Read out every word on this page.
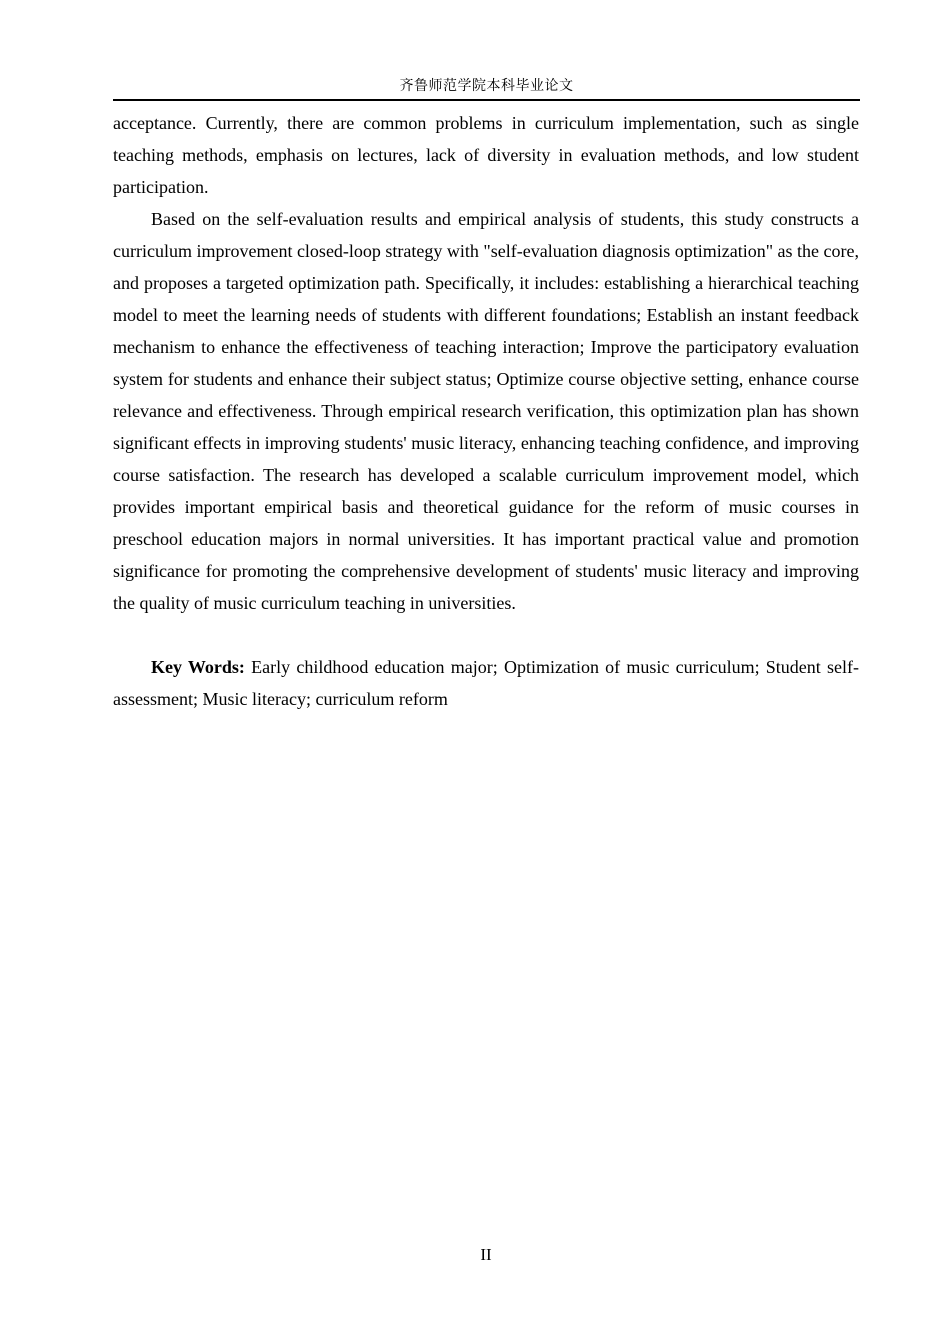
齐鲁师范学院本科毕业论文

acceptance. Currently, there are common problems in curriculum implementation, such as single teaching methods, emphasis on lectures, lack of diversity in evaluation methods, and low student participation.

Based on the self-evaluation results and empirical analysis of students, this study constructs a curriculum improvement closed-loop strategy with "self-evaluation diagnosis optimization" as the core, and proposes a targeted optimization path. Specifically, it includes: establishing a hierarchical teaching model to meet the learning needs of students with different foundations; Establish an instant feedback mechanism to enhance the effectiveness of teaching interaction; Improve the participatory evaluation system for students and enhance their subject status; Optimize course objective setting, enhance course relevance and effectiveness. Through empirical research verification, this optimization plan has shown significant effects in improving students' music literacy, enhancing teaching confidence, and improving course satisfaction. The research has developed a scalable curriculum improvement model, which provides important empirical basis and theoretical guidance for the reform of music courses in preschool education majors in normal universities. It has important practical value and promotion significance for promoting the comprehensive development of students' music literacy and improving the quality of music curriculum teaching in universities.

Key Words: Early childhood education major; Optimization of music curriculum; Student self-assessment; Music literacy; curriculum reform

II
